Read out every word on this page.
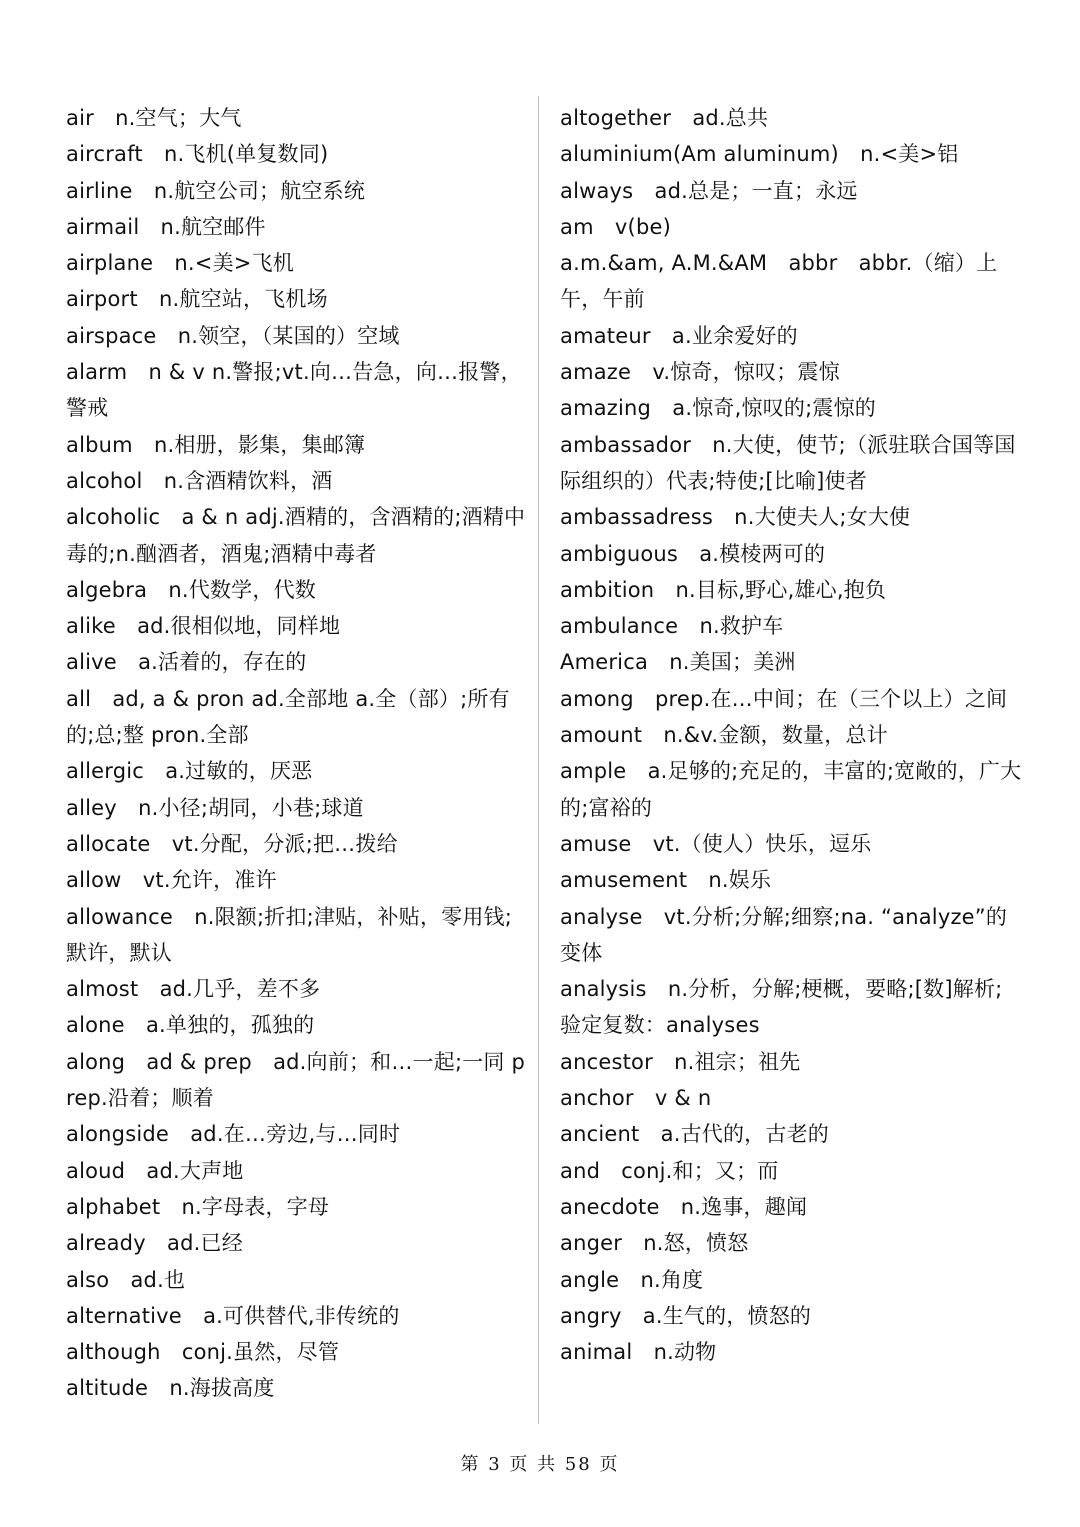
air　n.空气；大气
aircraft　n.飞机(单复数同)
airline　n.航空公司；航空系统
airmail　n.航空邮件
airplane　n.<美>飞机
airport　n.航空站，飞机场
airspace　n.领空，（某国的）空域
alarm　n & v n.警报;vt.向…告急，向…报警，警戒
album　n.相册，影集，集邮簿
alcohol　n.含酒精饮料，酒
alcoholic　a & n adj.酒精的，含酒精的;酒精中毒的;n.酗酒者，酒鬼;酒精中毒者
algebra　n.代数学，代数
alike　ad.很相似地，同样地
alive　a.活着的，存在的
all　ad, a & pron ad.全部地 a.全（部）;所有的;总;整 pron.全部
allergic　a.过敏的，厌恶
alley　n.小径;胡同，小巷;球道
allocate　vt.分配，分派;把…拨给
allow　vt.允许，准许
allowance　n.限额;折扣;津贴，补贴，零用钱;默许，默认
almost　ad.几乎，差不多
alone　a.单独的，孤独的
along　ad & prep　ad.向前；和…一起;一同 prep.沿着；顺着
alongside　ad.在…旁边,与…同时
aloud　ad.大声地
alphabet　n.字母表，字母
already　ad.已经
also　ad.也
alternative　a.可供替代,非传统的
although　conj.虽然，尽管
altitude　n.海拔高度
altogether　ad.总共
aluminium(Am aluminum)　n.<美>铝
always　ad.总是；一直；永远
am　v(be)
a.m.&am, A.M.&AM　abbr　abbr.（缩）上午，午前
amateur　a.业余爱好的
amaze　v.惊奇，惊叹；震惊
amazing　a.惊奇,惊叹的;震惊的
ambassador　n.大使，使节;（派驻联合国等国际组织的）代表;特使;[比喻]使者
ambassadress　n.大使夫人;女大使
ambiguous　a.模棱两可的
ambition　n.目标,野心,雄心,抱负
ambulance　n.救护车
America　n.美国；美洲
among　prep.在…中间；在（三个以上）之间
amount　n.&v.金额，数量，总计
ample　a.足够的;充足的，丰富的;宽敞的，广大的;富裕的
amuse　vt.（使人）快乐，逗乐
amusement　n.娱乐
analyse　vt.分析;分解;细察;na. “analyze”的变体
analysis　n.分析，分解;梗概，要略;[数]解析;验定复数：analyses
ancestor　n.祖宗；祖先
anchor　v & n
ancient　a.古代的，古老的
and　conj.和；又；而
anecdote　n.逸事，趣闻
anger　n.怒，愤怒
angle　n.角度
angry　a.生气的，愤怒的
animal　n.动物
第 3 页 共 58 页
